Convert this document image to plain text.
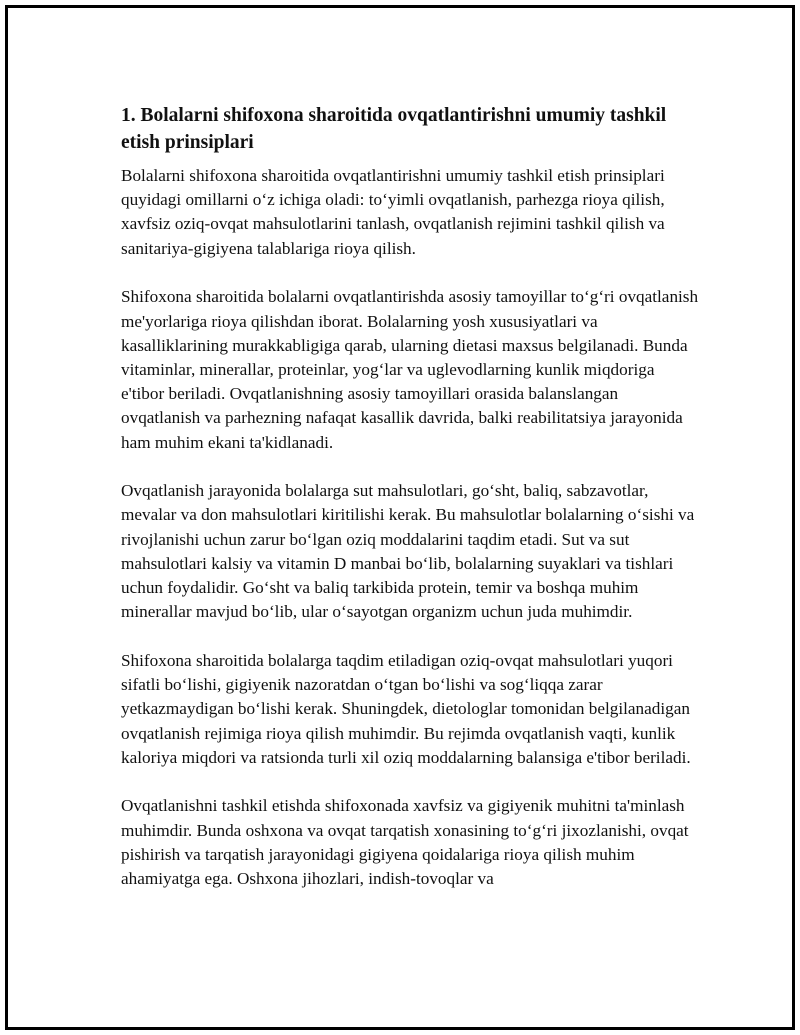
1. Bolalarni shifoxona sharoitida ovqatlantirishni umumiy tashkil etish prinsiplari

Bolalarni shifoxona sharoitida ovqatlantirishni umumiy tashkil etish prinsiplari quyidagi omillarni o‘z ichiga oladi: to‘yimli ovqatlanish, parhezga rioya qilish, xavfsiz oziq-ovqat mahsulotlarini tanlash, ovqatlanish rejimini tashkil qilish va sanitariya-gigiyena talablariga rioya qilish.

Shifoxona sharoitida bolalarni ovqatlantirishda asosiy tamoyillar to‘g‘ri ovqatlanish me'yorlariga rioya qilishdan iborat. Bolalarning yosh xususiyatlari va kasalliklarining murakkabligiga qarab, ularning dietasi maxsus belgilanadi. Bunda vitaminlar, minerallar, proteinlar, yog‘lar va uglevodlarning kunlik miqdoriga e'tibor beriladi. Ovqatlanishning asosiy tamoyillari orasida balanslangan ovqatlanish va parhezning nafaqat kasallik davrida, balki reabilitatsiya jarayonida ham muhim ekani ta'kidlanadi.

Ovqatlanish jarayonida bolalarga sut mahsulotlari, go‘sht, baliq, sabzavotlar, mevalar va don mahsulotlari kiritilishi kerak. Bu mahsulotlar bolalarning o‘sishi va rivojlanishi uchun zarur bo‘lgan oziq moddalarini taqdim etadi. Sut va sut mahsulotlari kalsiy va vitamin D manbai bo‘lib, bolalarning suyaklari va tishlari uchun foydalidir. Go‘sht va baliq tarkibida protein, temir va boshqa muhim minerallar mavjud bo‘lib, ular o‘sayotgan organizm uchun juda muhimdir.

Shifoxona sharoitida bolalarga taqdim etiladigan oziq-ovqat mahsulotlari yuqori sifatli bo‘lishi, gigiyenik nazoratdan o‘tgan bo‘lishi va sog‘liqqa zarar yetkazmaydigan bo‘lishi kerak. Shuningdek, dietologlar tomonidan belgilanadigan ovqatlanish rejimiga rioya qilish muhimdir. Bu rejimda ovqatlanish vaqti, kunlik kaloriya miqdori va ratsionda turli xil oziq moddalarning balansiga e'tibor beriladi.

Ovqatlanishni tashkil etishda shifoxonada xavfsiz va gigiyenik muhitni ta'minlash muhimdir. Bunda oshxona va ovqat tarqatish xonasining to‘g‘ri jixozlanishi, ovqat pishirish va tarqatish jarayonidagi gigiyena qoidalariga rioya qilish muhim ahamiyatga ega. Oshxona jihozlari, indish-tovoqlar va
